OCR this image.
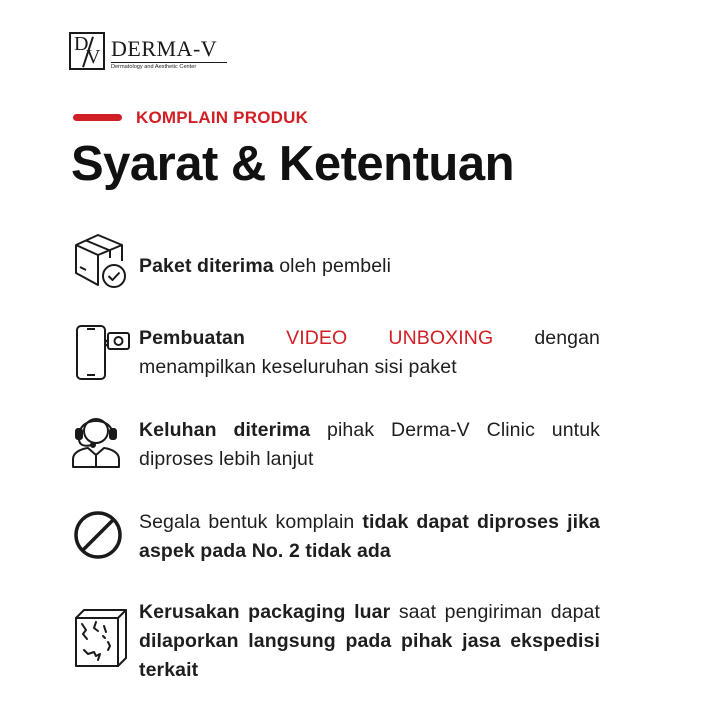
D
V DERMA-V
Dermatology and Aesthetic Center
KOMPLAIN PRODUK
Syarat & Ketentuan
Paket diterima oleh pembeli
Pembuatan VIDEO UNBOXING dengan menampilkan keseluruhan sisi paket
Keluhan diterima pihak Derma-V Clinic untuk diproses lebih lanjut
Segala bentuk komplain tidak dapat diproses jika aspek pada No. 2 tidak ada
Kerusakan packaging luar saat pengiriman dapat dilaporkan langsung pada pihak jasa ekspedisi terkait
